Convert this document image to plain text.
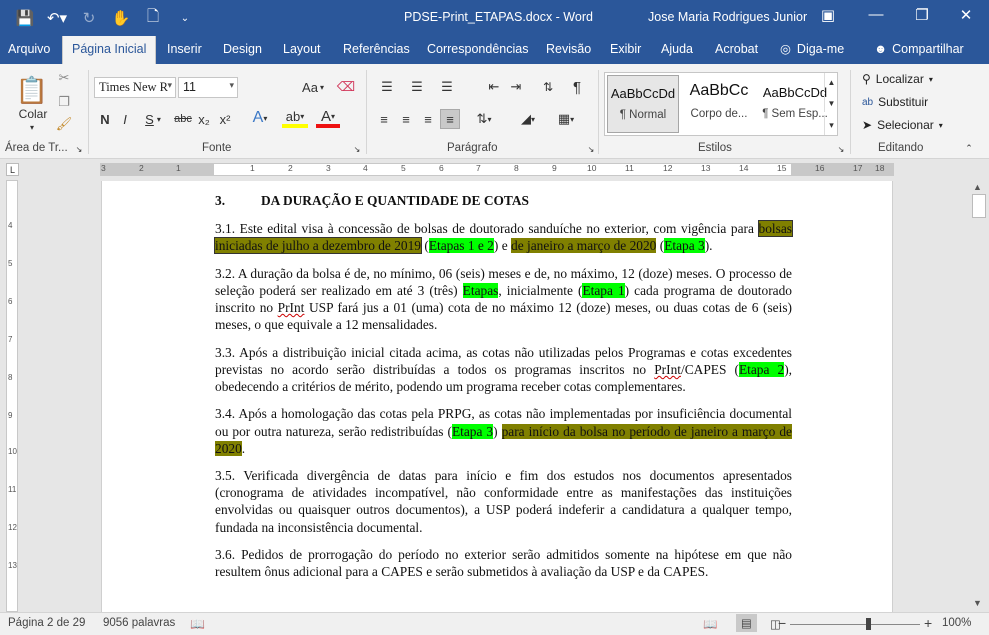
💾 ↶▾	↻	✋	🗋	⌄	PDSE-Print_ETAPAS.docx - Word	Jose Maria Rodrigues Junior ▣	—	❐	✕
Arquivo	Página Inicial	Inserir Design Layout Referências Correspondências Revisão Exibir Ajuda Acrobat ◎ Diga-me ☻ Compartilhar
📋
Colar
▾
✂
❐
🖌
Área de Tr... ↘
Times New R ▾ 11	▾	Aa ▾ ⌫
N	I	S ▾ abc x₂ x² A ▾ ab ▾	A ▾
Fonte	↘
☰	☰	☰	⇤ ⇥	⇅	¶
≡	≡	≡	≡	⇅ ▾	◢ ▾	▦ ▾
Parágrafo	↘
AaBbCcDd
¶ Normal
AaBbCc
Corpo de...
AaBbCcDd
¶ Sem Esp...
▲
▼
▾
Estilos	↘
⚲ Localizar ▾
ab Substituir
➤ Selecionar ▾
Editando	⌃
L	3	2	1	1	2	3	4	5	6	7	8	9	10	11	12	13	14	15	16	17 18
4
5
6
7
8
9
10
11
12
13
3.	DA DURAÇÃO E QUANTIDADE DE COTAS

3.1. Este edital visa à concessão de bolsas de doutorado sanduíche no exterior, com vigência para bolsas iniciadas de julho a dezembro de 2019 (Etapas 1 e 2) e de janeiro a março de 2020 (Etapa 3).

3.2. A duração da bolsa é de, no mínimo, 06 (seis) meses e de, no máximo, 12 (doze) meses. O processo de seleção poderá ser realizado em até 3 (três) Etapas, inicialmente (Etapa 1) cada programa de doutorado inscrito no PrInt USP fará jus a 01 (uma) cota de no máximo 12 (doze) meses, ou duas cotas de 6 (seis) meses, o que equivale a 12 mensalidades.

3.3. Após a distribuição inicial citada acima, as cotas não utilizadas pelos Programas e cotas excedentes previstas no acordo serão distribuídas a todos os programas inscritos no PrInt/CAPES (Etapa 2), obedecendo a critérios de mérito, podendo um programa receber cotas complementares.

3.4. Após a homologação das cotas pela PRPG, as cotas não implementadas por insuficiência documental ou por outra natureza, serão redistribuídas (Etapa 3) para início da bolsa no período de janeiro a março de 2020.

3.5. Verificada divergência de datas para início e fim dos estudos nos documentos apresentados (cronograma de atividades incompatível, não conformidade entre as manifestações das instituições envolvidas ou quaisquer outros documentos), a USP poderá indeferir a candidatura a qualquer tempo, fundada na inconsistência documental.

3.6. Pedidos de prorrogação do período no exterior serão admitidos somente na hipótese em que não resultem ônus adicional para a CAPES e serão submetidos à avaliação da USP e da CAPES.

▲
▼
Página 2 de 29 9056 palavras 📖	📖	▤	◫
−	+ 100%
